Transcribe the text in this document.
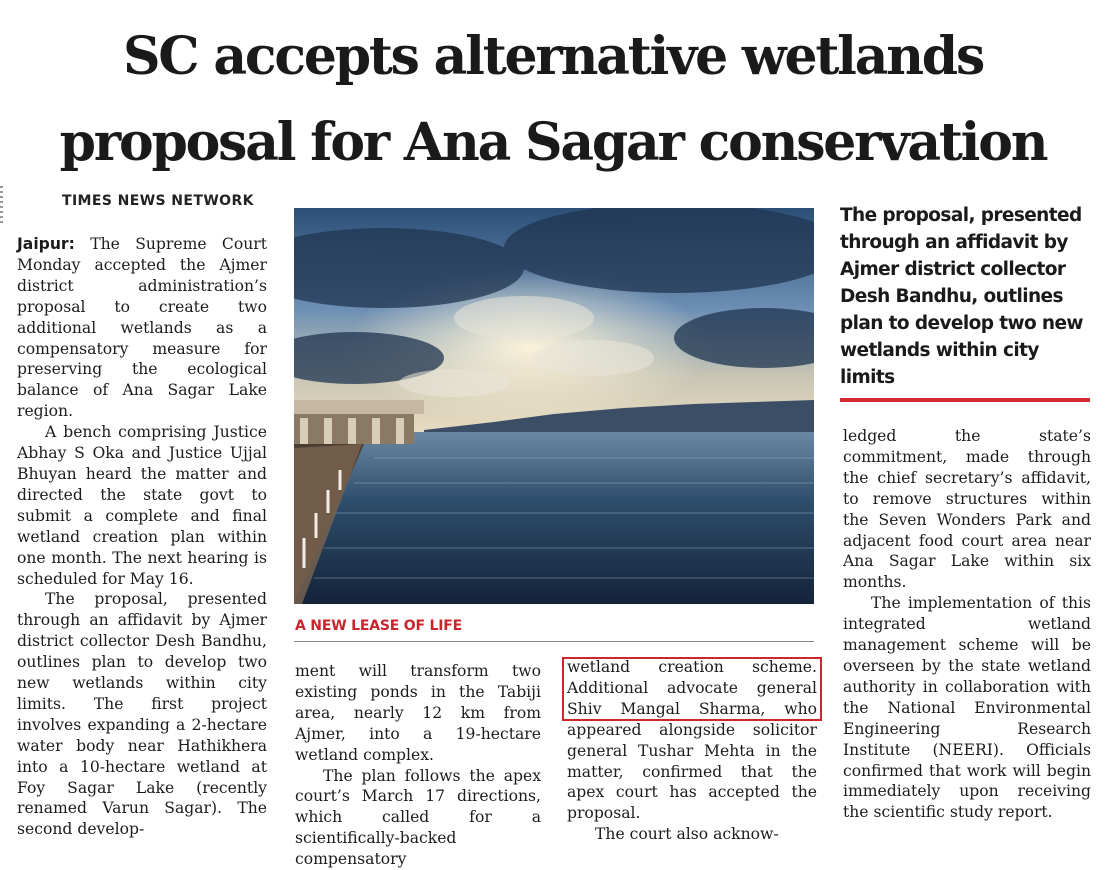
SC accepts alternative wetlands
proposal for Ana Sagar conservation
TIMES NEWS NETWORK

Jaipur: The Supreme Court Monday accepted the Ajmer district administration’s proposal to create two additional wetlands as a compensatory measure for preserving the ecological balance of Ana Sagar Lake region.

A bench comprising Justice Abhay S Oka and Justice Ujjal Bhuyan heard the matter and directed the state govt to submit a complete and final wetland creation plan within one month. The next hearing is scheduled for May 16.

The proposal, presented through an affidavit by Ajmer district collector Desh Bandhu, outlines plan to develop two new wetlands within city limits. The first project involves expanding a 2-hectare water body near Hathikhera into a 10-hectare wetland at Foy Sagar Lake (recently renamed Varun Sagar). The second develop-

A NEW LEASE OF LIFE
The proposal, presented through an affidavit by Ajmer district collector Desh Bandhu, outlines plan to develop two new wetlands within city limits

ment will transform two existing ponds in the Tabiji area, nearly 12 km from Ajmer, into a 19-hectare wetland complex.

The plan follows the apex court’s March 17 directions, which called for a scientifically-backed compensatory

wetland creation scheme. Additional advocate general Shiv Mangal Sharma, who appeared alongside solicitor general Tushar Mehta in the matter, confirmed that the apex court has accepted the proposal.

The court also acknow-

ledged the state’s commitment, made through the chief secretary’s affidavit, to remove structures within the Seven Wonders Park and adjacent food court area near Ana Sagar Lake within six months.

The implementation of this integrated wetland management scheme will be overseen by the state wetland authority in collaboration with the National Environmental Engineering Research Institute (NEERI). Officials confirmed that work will begin immediately upon receiving the scientific study report.
